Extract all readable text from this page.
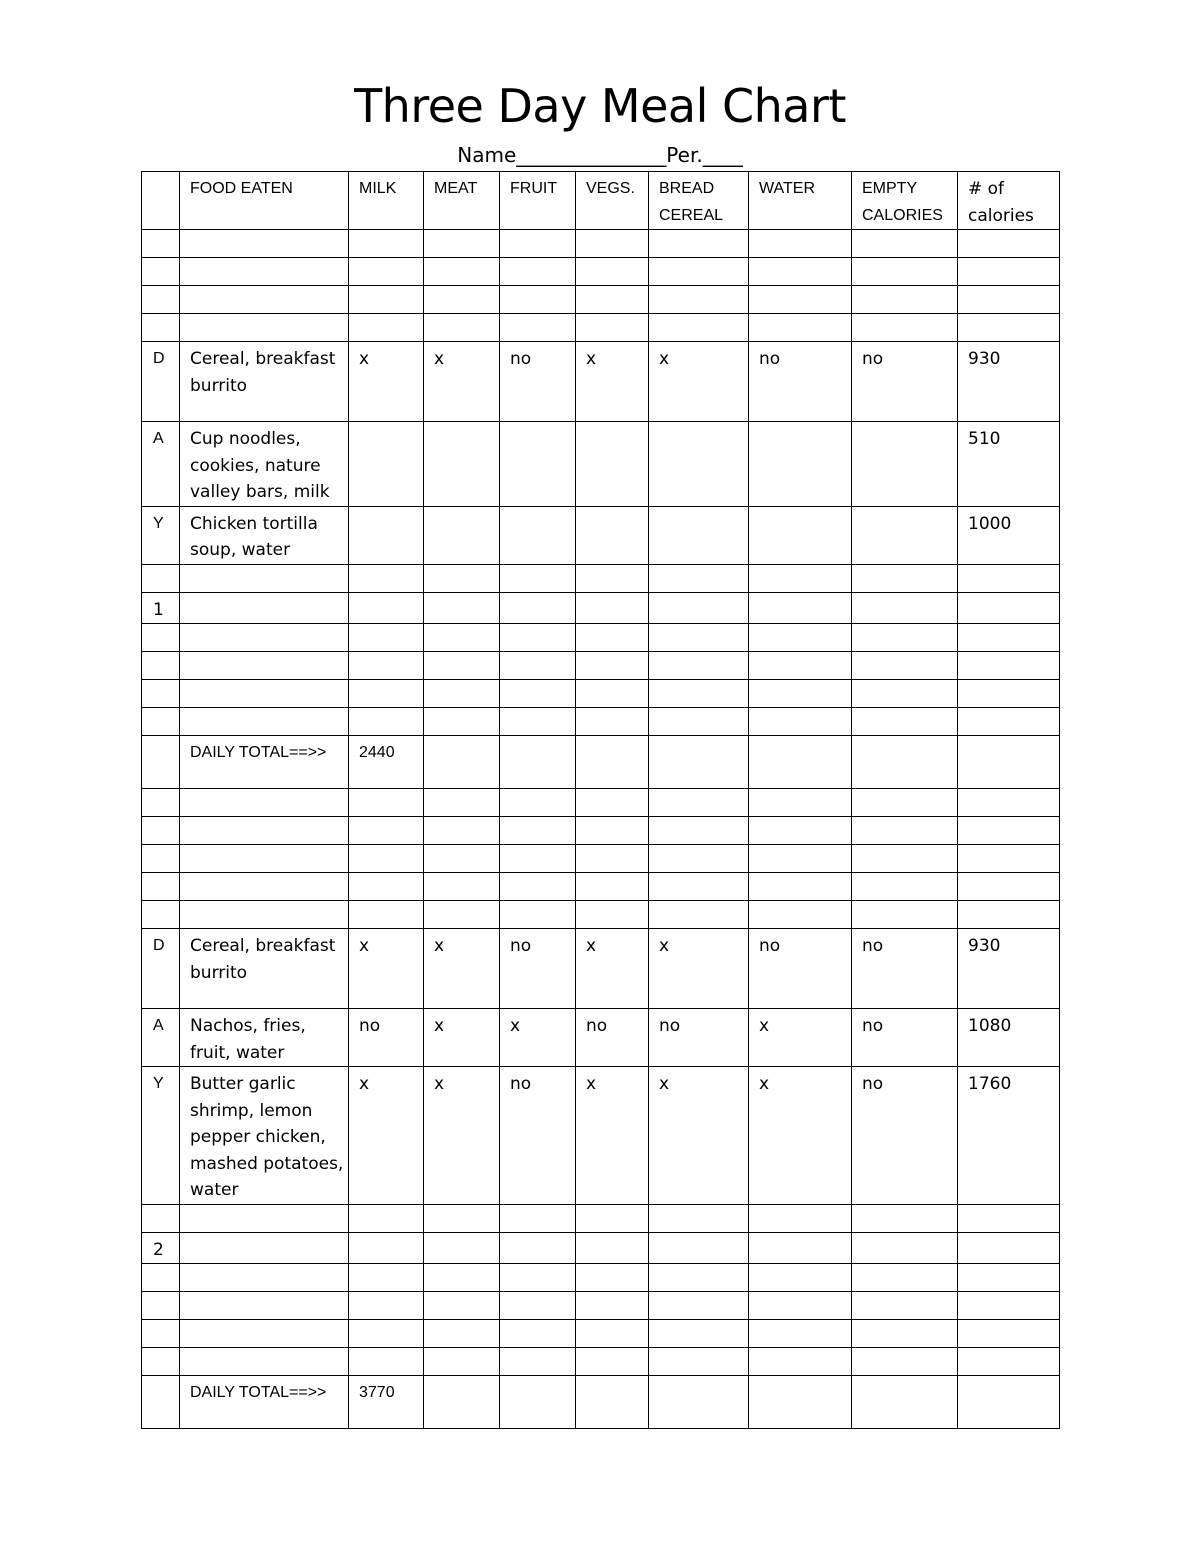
Three Day Meal Chart
Name_______________Per.____
	FOOD EATEN	MILK	MEAT	FRUIT	VEGS.	BREAD CEREAL	WATER	EMPTY CALORIES	# of calories

D	Cereal, breakfast burrito	x	x	no	x	x	no	no	930
A	Cup noodles, cookies, nature valley bars, milk								510
Y	Chicken tortilla soup, water								1000

1									

	DAILY TOTAL==>>	2440							

D	Cereal, breakfast burrito	x	x	no	x	x	no	no	930
A	Nachos, fries, fruit, water	no	x	x	no	no	x	no	1080
Y	Butter garlic shrimp, lemon pepper chicken, mashed potatoes, water	x	x	no	x	x	x	no	1760

2									

	DAILY TOTAL==>>	3770							
